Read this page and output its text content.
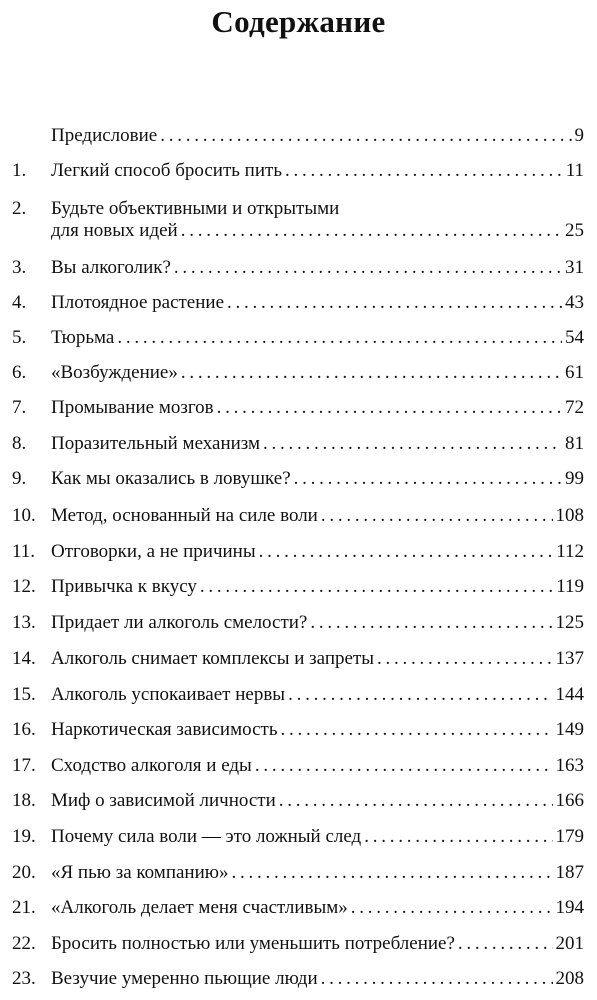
Содержание
Предисловие . . .	9
1. Легкий способ бросить пить . . .	11
2. Будьте объективными и открытыми
для новых идей . . .	25
3. Вы алкоголик? . . .	31
4. Плотоядное растение . . .	43
5. Тюрьма . . .	54
6. «Возбуждение» . . .	61
7. Промывание мозгов . . .	72
8. Поразительный механизм . . .	81
9. Как мы оказались в ловушке? . . .	99
10. Метод, основанный на силе воли . . .	108
11. Отговорки, а не причины . . .	112
12. Привычка к вкусу . . .	119
13. Придает ли алкоголь смелости? . . .	125
14. Алкоголь снимает комплексы и запреты . . .	137
15. Алкоголь успокаивает нервы . . .	144
16. Наркотическая зависимость . . .	149
17. Сходство алкоголя и еды . . .	163
18. Миф о зависимой личности . . .	166
19. Почему сила воли — это ложный след . . .	179
20. «Я пью за компанию» . . .	187
21. «Алкоголь делает меня счастливым» . . .	194
22. Бросить полностью или уменьшить потребление? . . .	201
23. Везучие умеренно пьющие люди . . .	208
